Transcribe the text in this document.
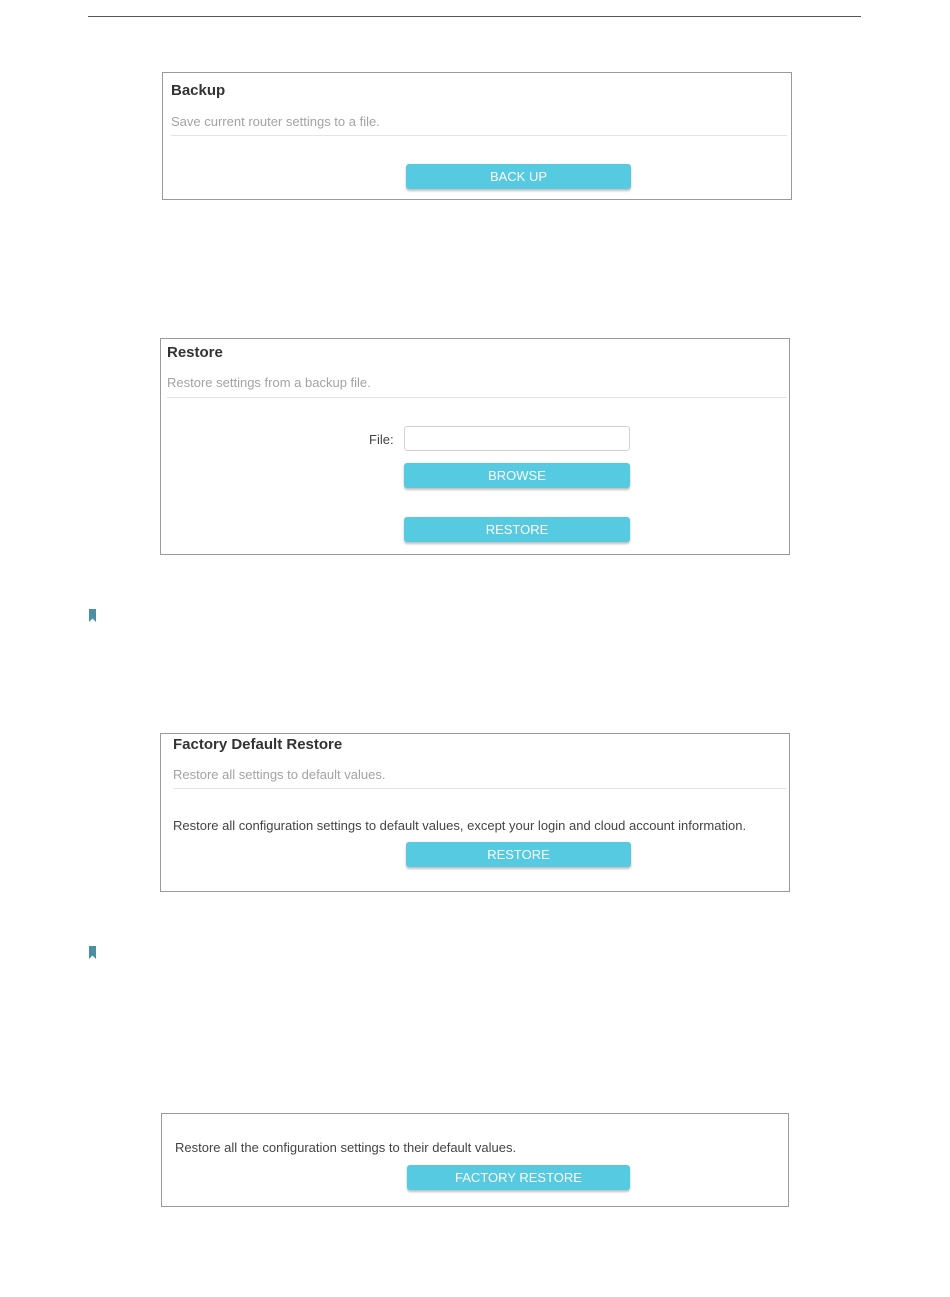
Backup
Save current router settings to a file.
BACK UP
Restore
Restore settings from a backup file.
File:
BROWSE
RESTORE
Factory Default Restore
Restore all settings to default values.
Restore all configuration settings to default values, except your login and cloud account information.
RESTORE
Restore all the configuration settings to their default values.
FACTORY RESTORE
